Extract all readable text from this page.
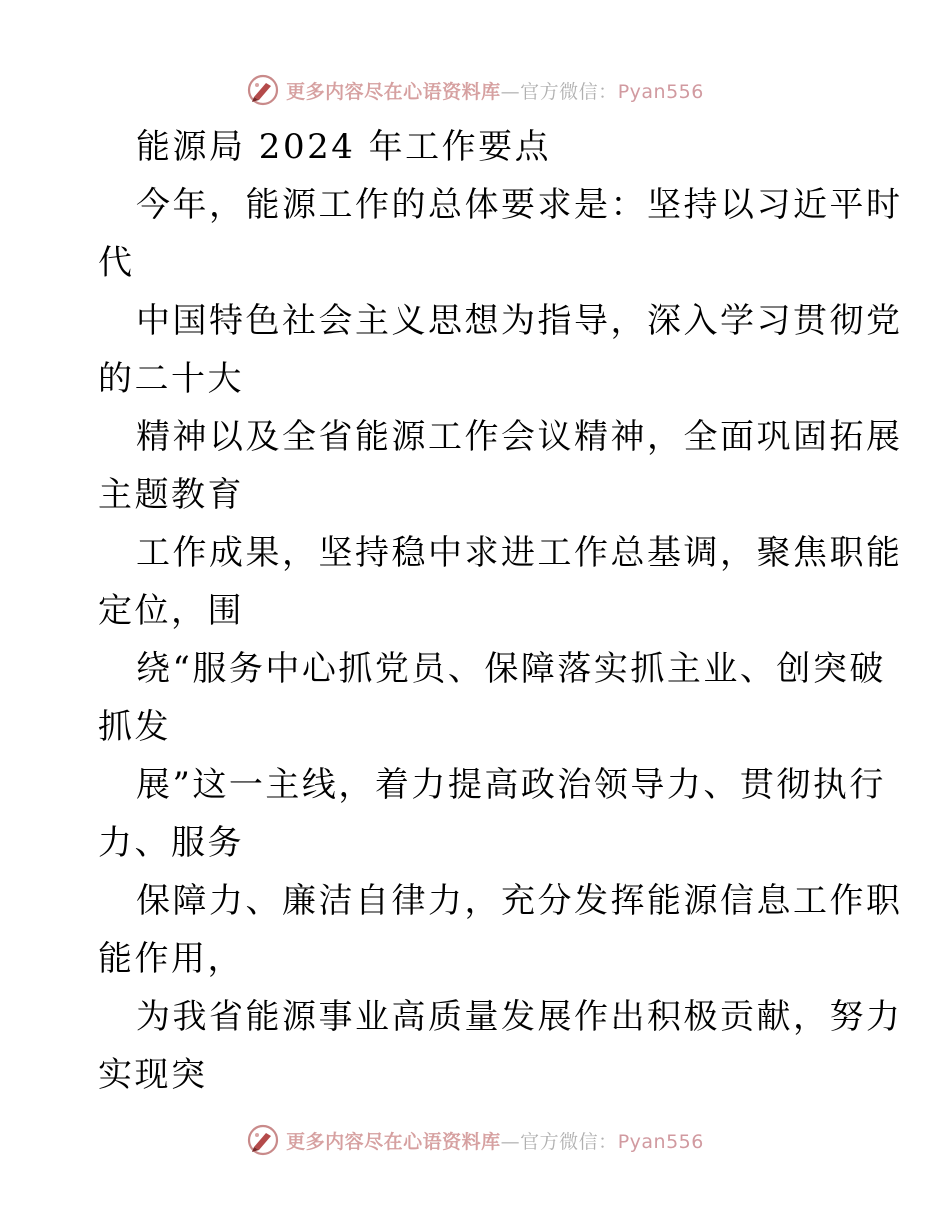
更多内容尽在心语资料库—官方微信：Pyan556
能源局 2024 年工作要点
今年，能源工作的总体要求是：坚持以习近平时
代
中国特色社会主义思想为指导，深入学习贯彻党
的二十大
精神以及全省能源工作会议精神，全面巩固拓展
主题教育
工作成果，坚持稳中求进工作总基调，聚焦职能
定位，围
绕“服务中心抓党员、保障落实抓主业、创突破
抓发
展”这一主线，着力提高政治领导力、贯彻执行
力、服务
保障力、廉洁自律力，充分发挥能源信息工作职
能作用，
为我省能源事业高质量发展作出积极贡献，努力
实现突
更多内容尽在心语资料库—官方微信：Pyan556
